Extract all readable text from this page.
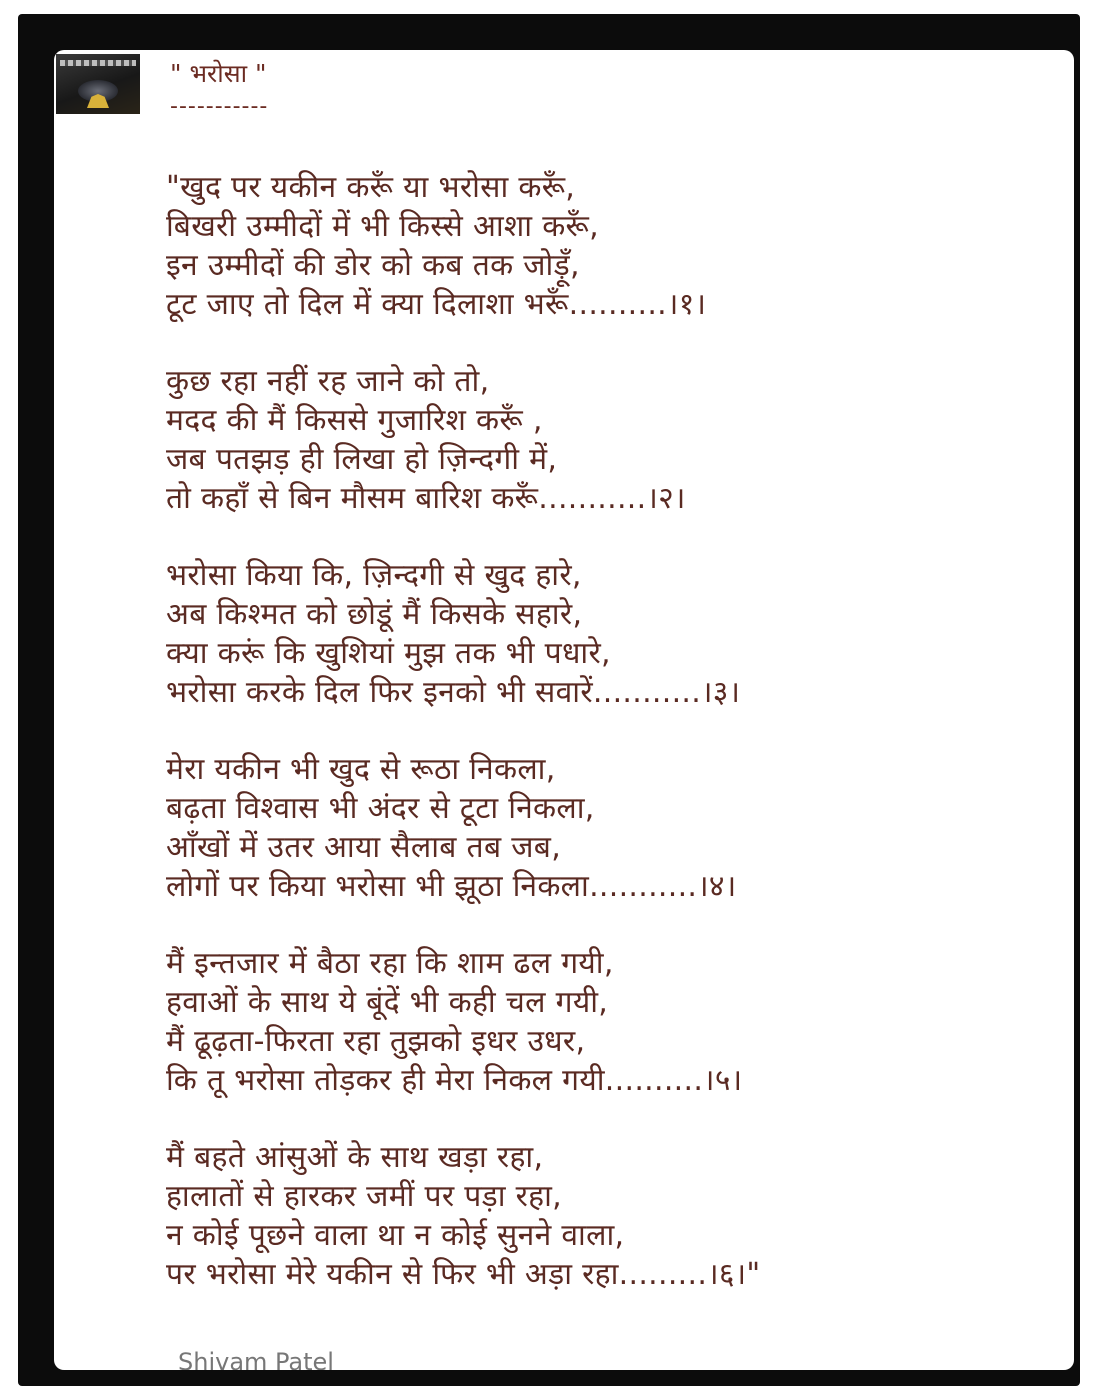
" भरोसा "
-----------
"खुद पर यकीन करूँ या भरोसा करूँ,
बिखरी उम्मीदों में भी किस्से आशा करूँ,
इन उम्मीदों की डोर को कब तक जोड़ूँ,
टूट जाए तो दिल में क्या दिलाशा भरूँ..........।१।
कुछ रहा नहीं रह जाने को तो,
मदद की मैं किससे गुजारिश करूँ ,
जब पतझड़ ही लिखा हो ज़िन्दगी में,
तो कहाँ से बिन मौसम बारिश करूँ...........।२।
भरोसा किया कि, ज़िन्दगी से खुद हारे,
अब किश्मत को छोडूं मैं किसके सहारे,
क्या करूं कि खुशियां मुझ तक भी पधारे,
भरोसा करके दिल फिर इनको भी सवारें...........।३।
मेरा यकीन भी खुद से रूठा निकला,
बढ़ता विश्वास भी अंदर से टूटा निकला,
आँखों में उतर आया सैलाब तब जब,
लोगों पर किया भरोसा भी झूठा निकला...........।४।
मैं इन्तजार में बैठा रहा कि शाम ढल गयी,
हवाओं के साथ ये बूंदें भी कही चल गयी,
मैं ढूढ़ता-फिरता रहा तुझको इधर उधर,
कि तू भरोसा तोड़कर ही मेरा निकल गयी..........।५।
मैं बहते आंसुओं के साथ खड़ा रहा,
हालातों से हारकर जमीं पर पड़ा रहा,
न कोई पूछने वाला था न कोई सुनने वाला,
पर भरोसा मेरे यकीन से फिर भी अड़ा रहा.........।६।"
Shivam Patel
